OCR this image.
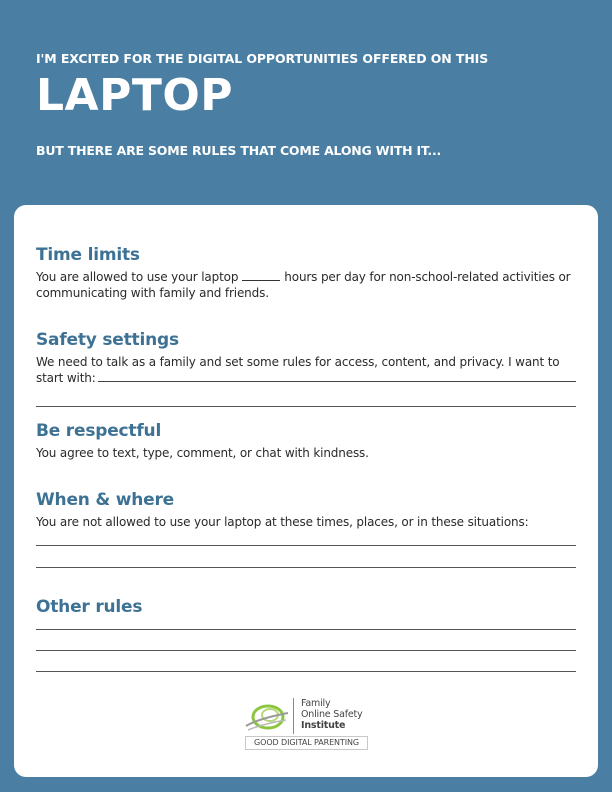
I'M EXCITED FOR THE DIGITAL OPPORTUNITIES OFFERED ON THIS
LAPTOP
BUT THERE ARE SOME RULES THAT COME ALONG WITH IT...
Time limits

You are allowed to use your laptop	hours per day for non-school-related activities or communicating with family and friends.

Safety settings

We need to talk as a family and set some rules for access, content, and privacy. I want to start with:

Be respectful

You agree to text, type, comment, or chat with kindness.

When & where

You are not allowed to use your laptop at these times, places, or in these situations:

Other rules
Family
Online Safety
Institute
GOOD DIGITAL PARENTING
